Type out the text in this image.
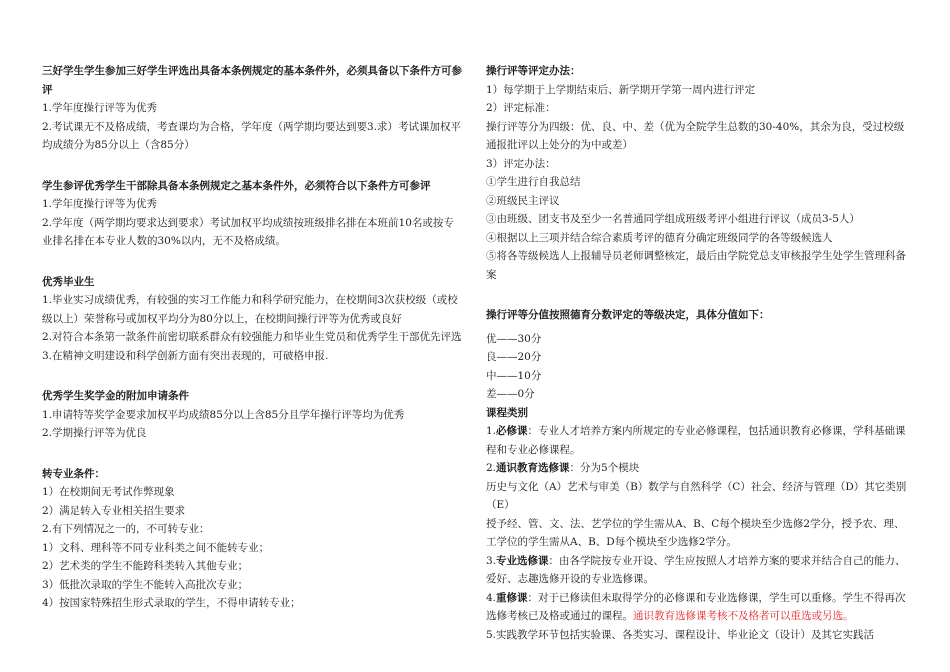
三好学生学生参加三好学生评选出具备本条例规定的基本条件外，必须具备以下条件方可参评

1.学年度操行评等为优秀

2.考试课无不及格成绩，考查课均为合格，学年度（两学期均要达到要3.求）考试课加权平均成绩分为85分以上（含85分）

学生参评优秀学生干部除具备本条例规定之基本条件外，必须符合以下条件方可参评

1.学年度操行评等为优秀

2.学年度（两学期均要求达到要求）考试加权平均成绩按班级排名排在本班前10名或按专业排名排在本专业人数的30%以内，无不及格成绩。

优秀毕业生

1.毕业实习成绩优秀，有较强的实习工作能力和科学研究能力，在校期间3次获校级（或校级以上）荣誉称号或加权平均分为80分以上，在校期间操行评等为优秀或良好

2.对符合本条第一款条件前密切联系群众有较强能力和毕业生党员和优秀学生干部优先评选

3.在精神文明建设和科学创新方面有突出表现的，可破格申报.

优秀学生奖学金的附加申请条件

1.申请特等奖学金要求加权平均成绩85分以上含85分且学年操行评等均为优秀

2.学期操行评等为优良

转专业条件：

1）在校期间无考试作弊现象

2）满足转入专业相关招生要求

2.有下列情况之一的，不可转专业：

1）文科、理科等不同专业科类之间不能转专业；

2）艺术类的学生不能跨科类转入其他专业；

3）低批次录取的学生不能转入高批次专业；

4）按国家特殊招生形式录取的学生，不得申请转专业；

操行评等评定办法：

1）每学期于上学期结束后、新学期开学第一周内进行评定

2）评定标准：

操行评等分为四级：优、良、中、差（优为全院学生总数的30-40%，其余为良，受过校级通报批评以上处分的为中或差）

3）评定办法：

①学生进行自我总结

②班级民主评议

③由班级、团支书及至少一名普通同学组成班级考评小组进行评议（成员3-5人）

④根据以上三项并结合综合素质考评的德育分确定班级同学的各等级候选人

⑤将各等级候选人上报辅导员老师调整核定，最后由学院党总支审核报学生处学生管理科备案

操行评等分值按照德育分数评定的等级决定，具体分值如下：

优——30分

良——20分

中——10分

差——0分

课程类别

1.必修课：专业人才培养方案内所规定的专业必修课程，包括通识教育必修课，学科基础课程和专业必修课程。

2.通识教育选修课：分为5个模块

历史与文化（A）艺术与审美（B）数学与自然科学（C）社会、经济与管理（D）其它类别（E）

授予经、管、文、法、艺学位的学生需从A、B、C每个模块至少选修2学分，授予农、理、工学位的学生需从A、B、D每个模块至少选修2学分。

3.专业选修课：由各学院按专业开设、学生应按照人才培养方案的要求并结合自己的能力、爱好、志趣选修开设的专业选修课。

4.重修课：对于已修读但未取得学分的必修课和专业选修课，学生可以重修。学生不得再次选修考核已及格或通过的课程。通识教育选修课考核不及格者可以重选或另选。

5.实践教学环节包括实验课、各类实习、课程设计、毕业论文（设计）及其它实践活
